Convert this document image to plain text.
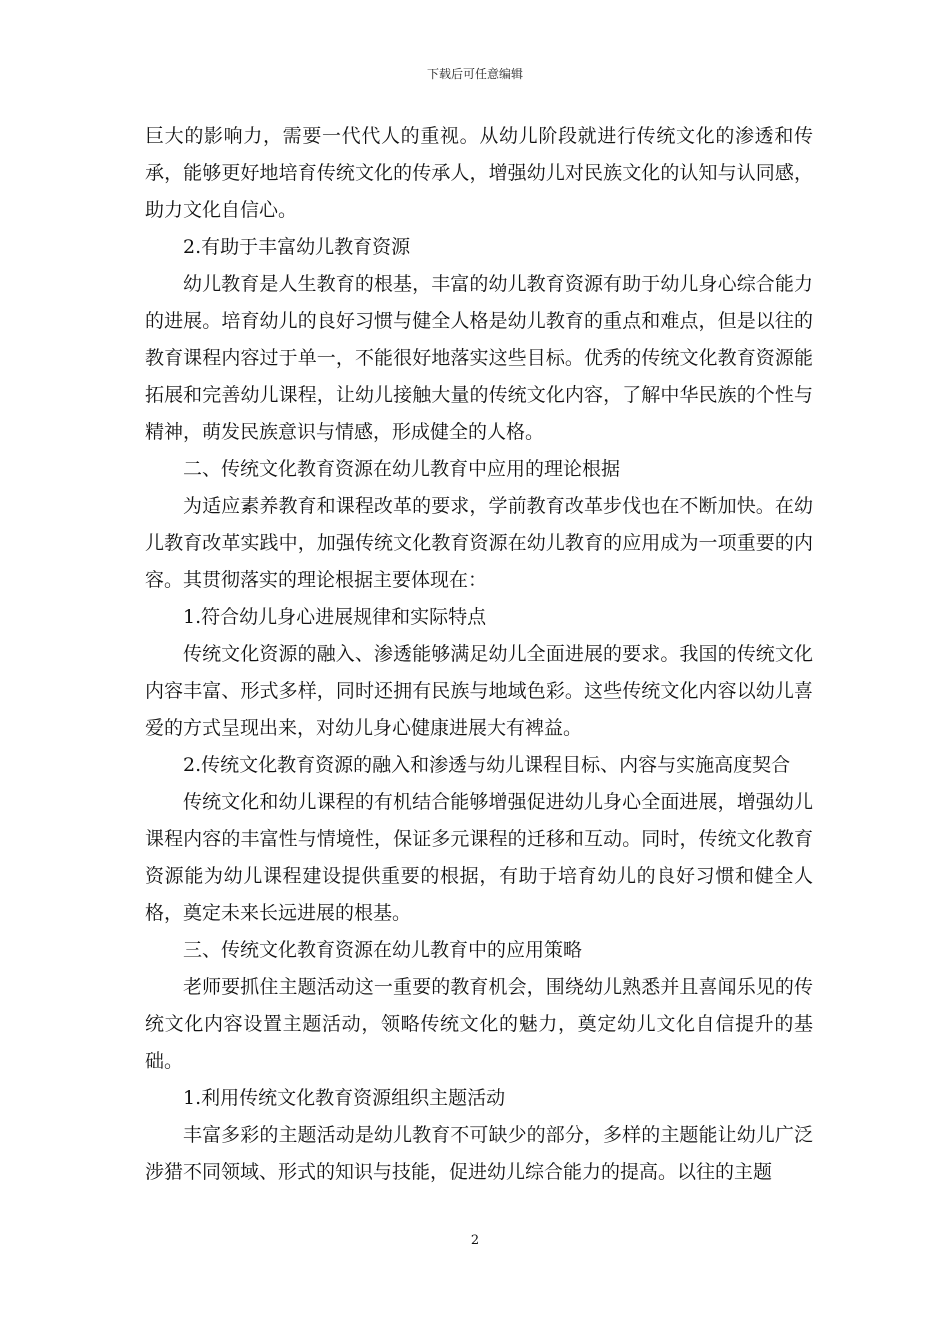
下载后可任意编辑

巨大的影响力，需要一代代人的重视。从幼儿阶段就进行传统文化的渗透和传承，能够更好地培育传统文化的传承人，增强幼儿对民族文化的认知与认同感，助力文化自信心。

2.有助于丰富幼儿教育资源

幼儿教育是人生教育的根基，丰富的幼儿教育资源有助于幼儿身心综合能力的进展。培育幼儿的良好习惯与健全人格是幼儿教育的重点和难点，但是以往的教育课程内容过于单一，不能很好地落实这些目标。优秀的传统文化教育资源能拓展和完善幼儿课程，让幼儿接触大量的传统文化内容，了解中华民族的个性与精神，萌发民族意识与情感，形成健全的人格。

二、传统文化教育资源在幼儿教育中应用的理论根据

为适应素养教育和课程改革的要求，学前教育改革步伐也在不断加快。在幼儿教育改革实践中，加强传统文化教育资源在幼儿教育的应用成为一项重要的内容。其贯彻落实的理论根据主要体现在：

1.符合幼儿身心进展规律和实际特点

传统文化资源的融入、渗透能够满足幼儿全面进展的要求。我国的传统文化内容丰富、形式多样，同时还拥有民族与地域色彩。这些传统文化内容以幼儿喜爱的方式呈现出来，对幼儿身心健康进展大有裨益。

2.传统文化教育资源的融入和渗透与幼儿课程目标、内容与实施高度契合

传统文化和幼儿课程的有机结合能够增强促进幼儿身心全面进展，增强幼儿课程内容的丰富性与情境性，保证多元课程的迁移和互动。同时，传统文化教育资源能为幼儿课程建设提供重要的根据，有助于培育幼儿的良好习惯和健全人格，奠定未来长远进展的根基。

三、传统文化教育资源在幼儿教育中的应用策略

老师要抓住主题活动这一重要的教育机会，围绕幼儿熟悉并且喜闻乐见的传统文化内容设置主题活动，领略传统文化的魅力，奠定幼儿文化自信提升的基础。

1.利用传统文化教育资源组织主题活动

丰富多彩的主题活动是幼儿教育不可缺少的部分，多样的主题能让幼儿广泛涉猎不同领域、形式的知识与技能，促进幼儿综合能力的提高。以往的主题

2
